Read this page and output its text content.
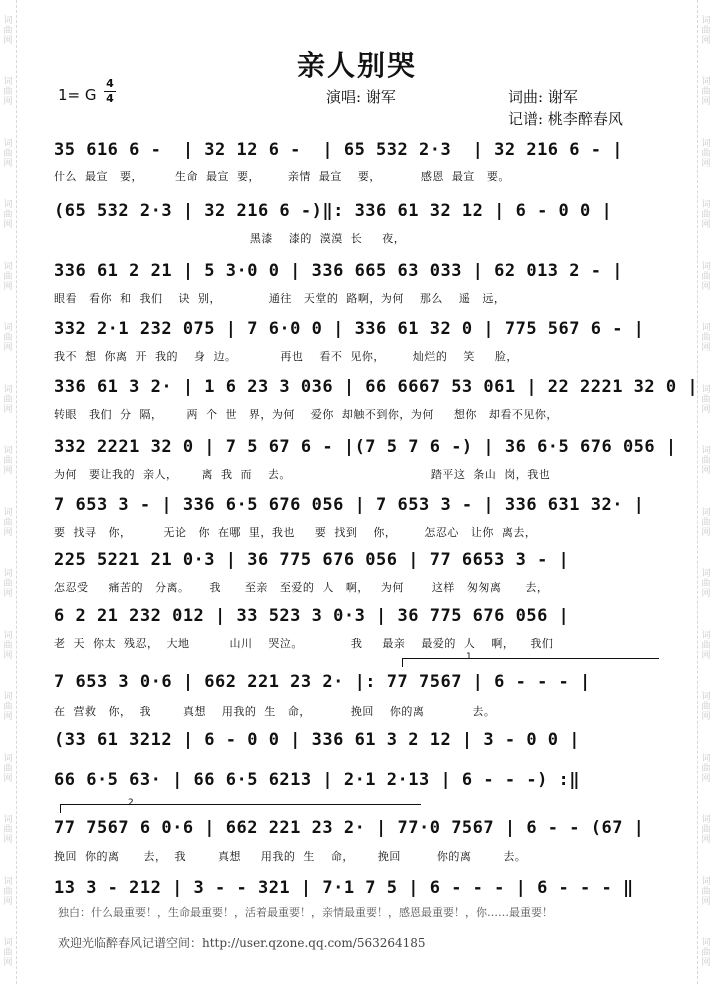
词
曲
网
词
曲
网
词
曲
网
词
曲
网
词
曲
网
词
曲
网
词
曲
网
词
曲
网
词
曲
网
词
曲
网
词
曲
网
词
曲
网
词
曲
网
词
曲
网
词
曲
网
词
曲
网
词
曲
网
词
曲
网
词
曲
网
词
曲
网
词
曲
网
词
曲
网
词
曲
网
词
曲
网
词
曲
网
词
曲
网
词
曲
网
词
曲
网
词
曲
网
词
曲
网
词
曲
网
词
曲
网
亲人别哭
1= G
4
4	演唱: 谢军	词曲: 谢军
记谱: 桃李醉春风
35 616 6 -  | 32 12 6 -  | 65 532 2·3  | 32 216 6 - |
什么  最宣   要，        生命  最宣  要，       亲情  最宣    要，          感恩  最宣   要。
(65 532 2·3 | 32 216 6 -)‖: 336 61 32 12 | 6 - 0 0 |
黑漆    漆的  漠漠  长     夜，
336 61 2 21 | 5 3·0 0 | 336 665 63 033 | 62 013 2 - |
眼看   看你  和  我们    诀  别，            通往   天堂的  路啊，为何    那么    遥   远，
332 2·1 232 075 | 7 6·0 0 | 336 61 32 0 | 775 567 6 - |
我不  想  你离  开  我的    身  边。           再也    看不  见你，       灿烂的    笑     脸，
336 61 3 2· | 1 6 23 3 036 | 66 6667 53 061 | 22 2221 32 0 |
转眼   我们  分  隔，      两  个  世   界，为何    爱你  却触不到你，为何     想你   却看不见你，
332 2221 32 0 | 7 5 67 6 - |(7 5 7 6 -) | 36 6·5 676 056 |
为何   要让我的  亲人，      离  我  而    去。                                   踏平这  条山  岗，我也
7 653 3 - | 336 6·5 676 056 | 7 653 3 - | 336 631 32· |
要  找寻   你，        无论   你  在哪  里，我也     要  找到    你，       怎忍心   让你  离去，
225 5221 21 0·3 | 36 775 676 056 | 77 6653 3 - |
怎忍受     痛苦的   分离。     我      至亲   至爱的  人   啊，   为何       这样   匆匆离      去，
6 2 21 232 012 | 33 523 3 0·3 | 36 775 676 056 |
老  天  你太  残忍，  大地          山川    哭泣。            我     最亲    最爱的  人    啊，    我们
1
7 653 3 0·6 | 662 221 23 2· |: 77 7567 | 6 - - - |
在  营救   你，  我        真想    用我的  生   命，          挽回    你的离            去。
(33 61 3212 | 6 - 0 0 | 336 61 3 2 12 | 3 - 0 0 |
66 6·5 63· | 66 6·5 6213 | 2·1 2·13 | 6 - - -) :‖
2
77 7567 6 0·6 | 662 221 23 2· | 77·0 7567 | 6 - - (67 |
挽回  你的离      去，  我        真想     用我的  生    命，      挽回         你的离        去。
13 3 - 212 | 3 - - 321 | 7·1 7 5 | 6 - - - | 6 - - - ‖
独白：什么最重要！，生命最重要！，活着最重要！，亲情最重要！，感恩最重要！，你……最重要！
欢迎光临醉春风记谱空间：http://user.qzone.qq.com/563264185
